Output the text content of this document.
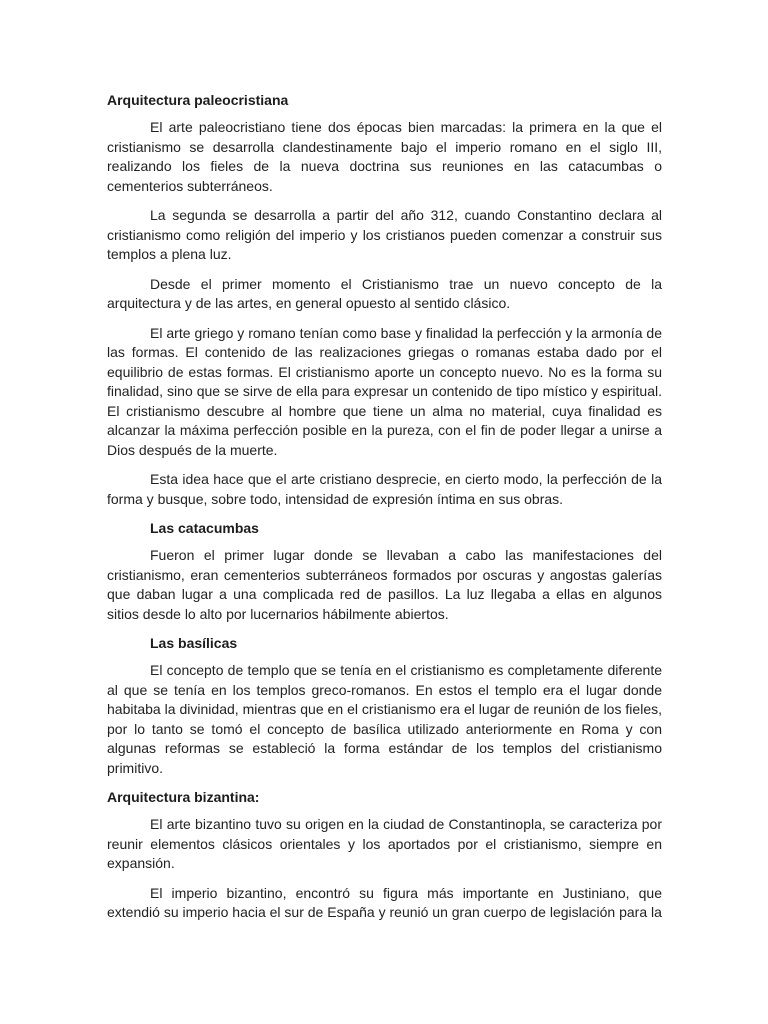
Arquitectura paleocristiana

El arte paleocristiano tiene dos épocas bien marcadas: la primera en la que el cristianismo se desarrolla clandestinamente bajo el imperio romano en el siglo III, realizando los fieles de la nueva doctrina sus reuniones en las catacumbas o cementerios subterráneos.

La segunda se desarrolla a partir del año 312, cuando Constantino declara al cristianismo como religión del imperio y los cristianos pueden comenzar a construir sus templos a plena luz.

Desde el primer momento el Cristianismo trae un nuevo concepto de la arquitectura y de las artes, en general opuesto al sentido clásico.

El arte griego y romano tenían como base y finalidad la perfección y la armonía de las formas. El contenido de las realizaciones griegas o romanas estaba dado por el equilibrio de estas formas. El cristianismo aporte un concepto nuevo. No es la forma su finalidad, sino que se sirve de ella para expresar un contenido de tipo místico y espiritual. El cristianismo descubre al hombre que tiene un alma no material, cuya finalidad es alcanzar la máxima perfección posible en la pureza, con el fin de poder llegar a unirse a Dios después de la muerte.

Esta idea hace que el arte cristiano desprecie, en cierto modo, la perfección de la forma y busque, sobre todo, intensidad de expresión íntima en sus obras.

Las catacumbas

Fueron el primer lugar donde se llevaban a cabo las manifestaciones del cristianismo, eran cementerios subterráneos formados por oscuras y angostas galerías que daban lugar a una complicada red de pasillos. La luz llegaba a ellas en algunos sitios desde lo alto por lucernarios hábilmente abiertos.

Las basílicas

El concepto de templo que se tenía en el cristianismo es completamente diferente al que se tenía en los templos greco-romanos. En estos el templo era el lugar donde habitaba la divinidad, mientras que en el cristianismo era el lugar de reunión de los fieles, por lo tanto se tomó el concepto de basílica utilizado anteriormente en Roma y con algunas reformas se estableció la forma estándar de los templos del cristianismo primitivo.

Arquitectura bizantina:

El arte bizantino tuvo su origen en la ciudad de Constantinopla, se caracteriza por reunir elementos clásicos orientales y los aportados por el cristianismo, siempre en expansión.

El imperio bizantino, encontró su figura más importante en Justiniano, que extendió su imperio hacia el sur de España y reunió un gran cuerpo de legislación para la
